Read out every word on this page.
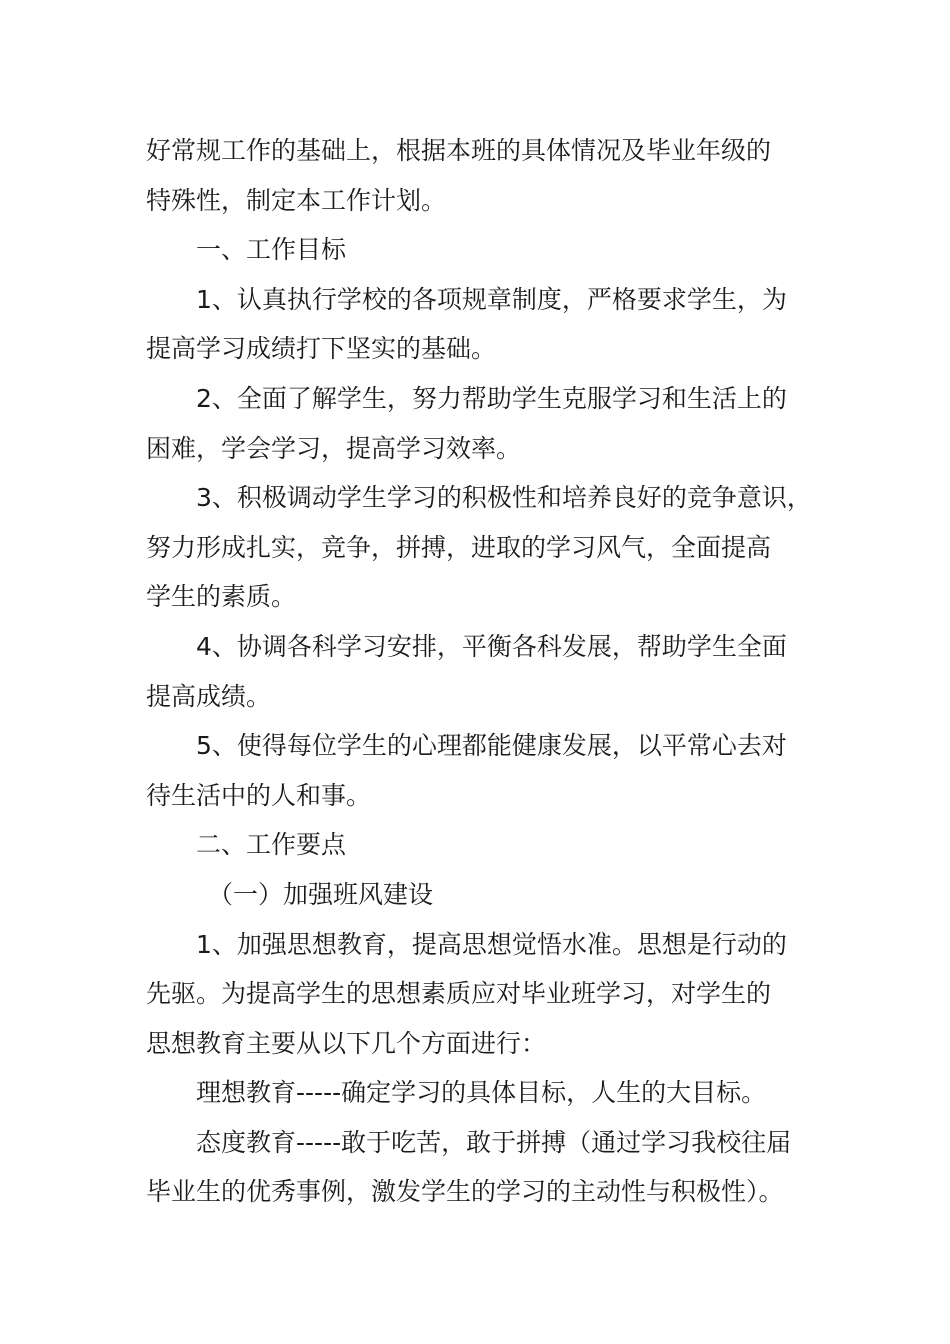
好常规工作的基础上，根据本班的具体情况及毕业年级的
特殊性，制定本工作计划。
一、工作目标
1、认真执行学校的各项规章制度，严格要求学生，为
提高学习成绩打下坚实的基础。
2、全面了解学生，努力帮助学生克服学习和生活上的
困难，学会学习，提高学习效率。
3、积极调动学生学习的积极性和培养良好的竞争意识，
努力形成扎实，竞争，拼搏，进取的学习风气，全面提高
学生的素质。
4、协调各科学习安排，平衡各科发展，帮助学生全面
提高成绩。
5、使得每位学生的心理都能健康发展，以平常心去对
待生活中的人和事。
二、工作要点
（一）加强班风建设
1、加强思想教育，提高思想觉悟水准。思想是行动的
先驱。为提高学生的思想素质应对毕业班学习，对学生的
思想教育主要从以下几个方面进行：
理想教育-----确定学习的具体目标，人生的大目标。
态度教育-----敢于吃苦，敢于拼搏（通过学习我校往届
毕业生的优秀事例，激发学生的学习的主动性与积极性）。
